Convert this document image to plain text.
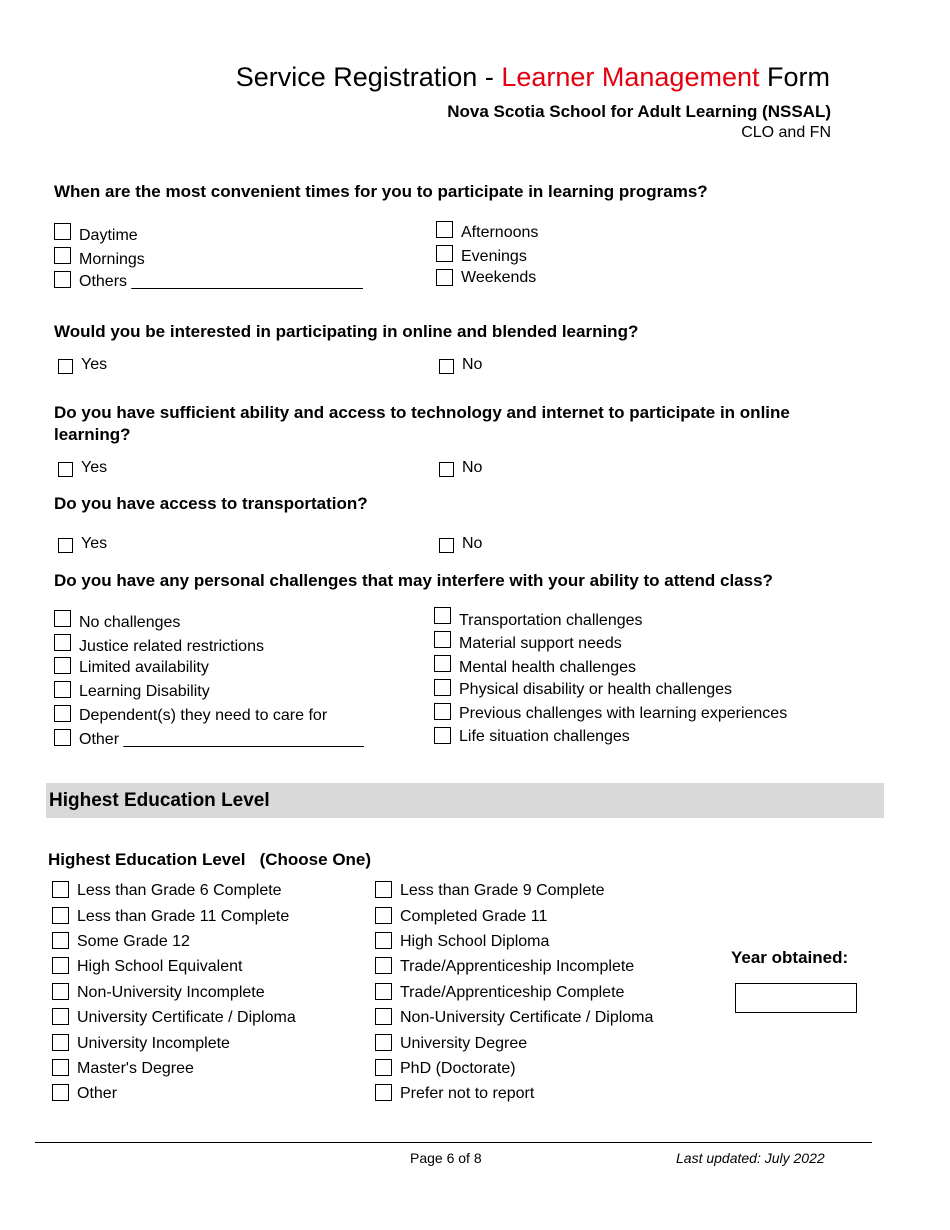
Service Registration - Learner Management Form
Nova Scotia School for Adult Learning (NSSAL)
CLO and FN
When are the most convenient times for you to participate in learning programs?
Daytime
Mornings
Others __________________________
Afternoons
Evenings
Weekends
Would you be interested in participating in online and blended learning?
Yes	No
Do you have sufficient ability and access to technology and internet to participate in online learning?
Yes	No
Do you have access to transportation?
Yes	No
Do you have any personal challenges that may interfere with your ability to attend class?
No challenges
Justice related restrictions
Limited availability
Learning Disability
Dependent(s) they need to care for
Other ___________________________
Transportation challenges
Material support needs
Mental health challenges
Physical disability or health challenges
Previous challenges with learning experiences
Life situation challenges
Highest Education Level
Highest Education Level   (Choose One)
Less than Grade 6 Complete
Less than Grade 11 Complete
Some Grade 12
High School Equivalent
Non-University Incomplete
University Certificate / Diploma
University Incomplete
Master's Degree
Other
Less than Grade 9 Complete
Completed Grade 11
High School Diploma
Trade/Apprenticeship Incomplete
Trade/Apprenticeship Complete
Non-University Certificate / Diploma
University Degree
PhD (Doctorate)
Prefer not to report
Year obtained:
Page 6 of 8	Last updated: July 2022
